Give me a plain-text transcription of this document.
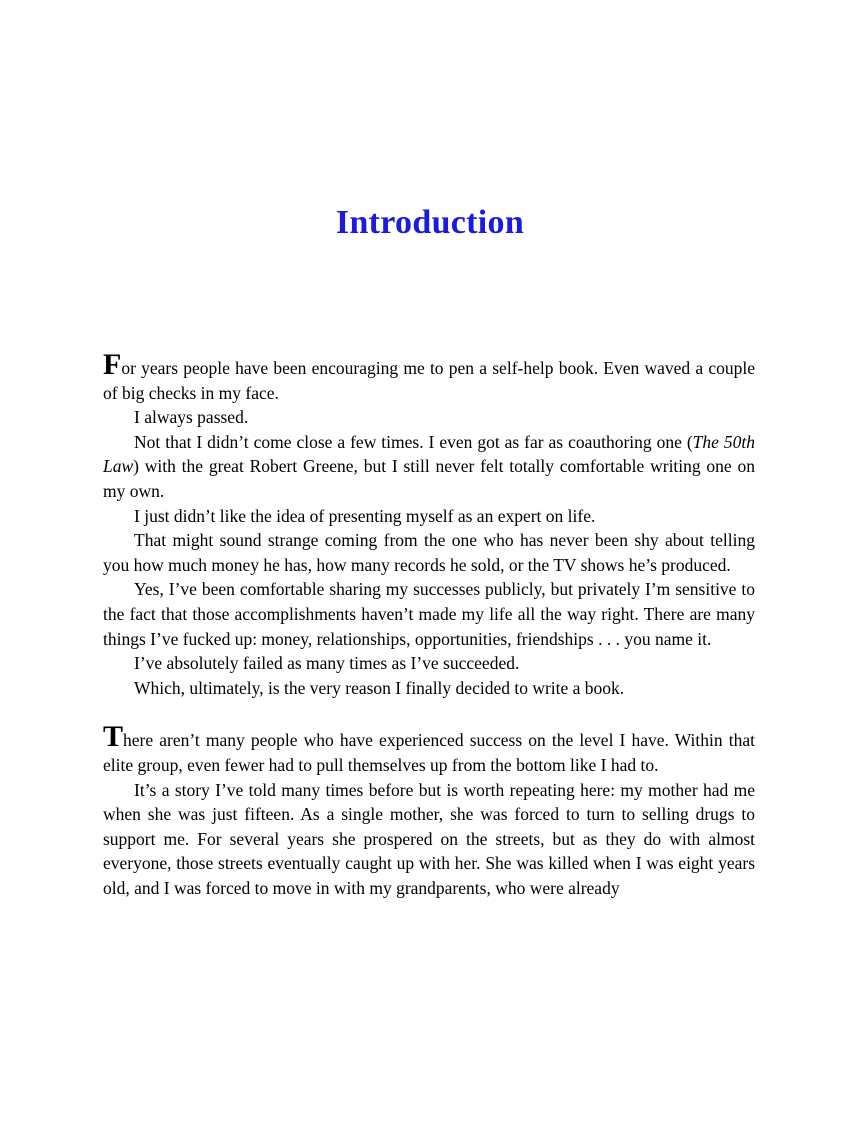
Introduction

For years people have been encouraging me to pen a self-help book. Even waved a couple of big checks in my face.

I always passed.

Not that I didn’t come close a few times. I even got as far as coauthoring one (The 50th Law) with the great Robert Greene, but I still never felt totally comfortable writing one on my own.

I just didn’t like the idea of presenting myself as an expert on life.

That might sound strange coming from the one who has never been shy about telling you how much money he has, how many records he sold, or the TV shows he’s produced.

Yes, I’ve been comfortable sharing my successes publicly, but privately I’m sensitive to the fact that those accomplishments haven’t made my life all the way right. There are many things I’ve fucked up: money, relationships, opportunities, friendships . . . you name it.

I’ve absolutely failed as many times as I’ve succeeded.

Which, ultimately, is the very reason I finally decided to write a book.

There aren’t many people who have experienced success on the level I have. Within that elite group, even fewer had to pull themselves up from the bottom like I had to.

It’s a story I’ve told many times before but is worth repeating here: my mother had me when she was just fifteen. As a single mother, she was forced to turn to selling drugs to support me. For several years she prospered on the streets, but as they do with almost everyone, those streets eventually caught up with her. She was killed when I was eight years old, and I was forced to move in with my grandparents, who were already
